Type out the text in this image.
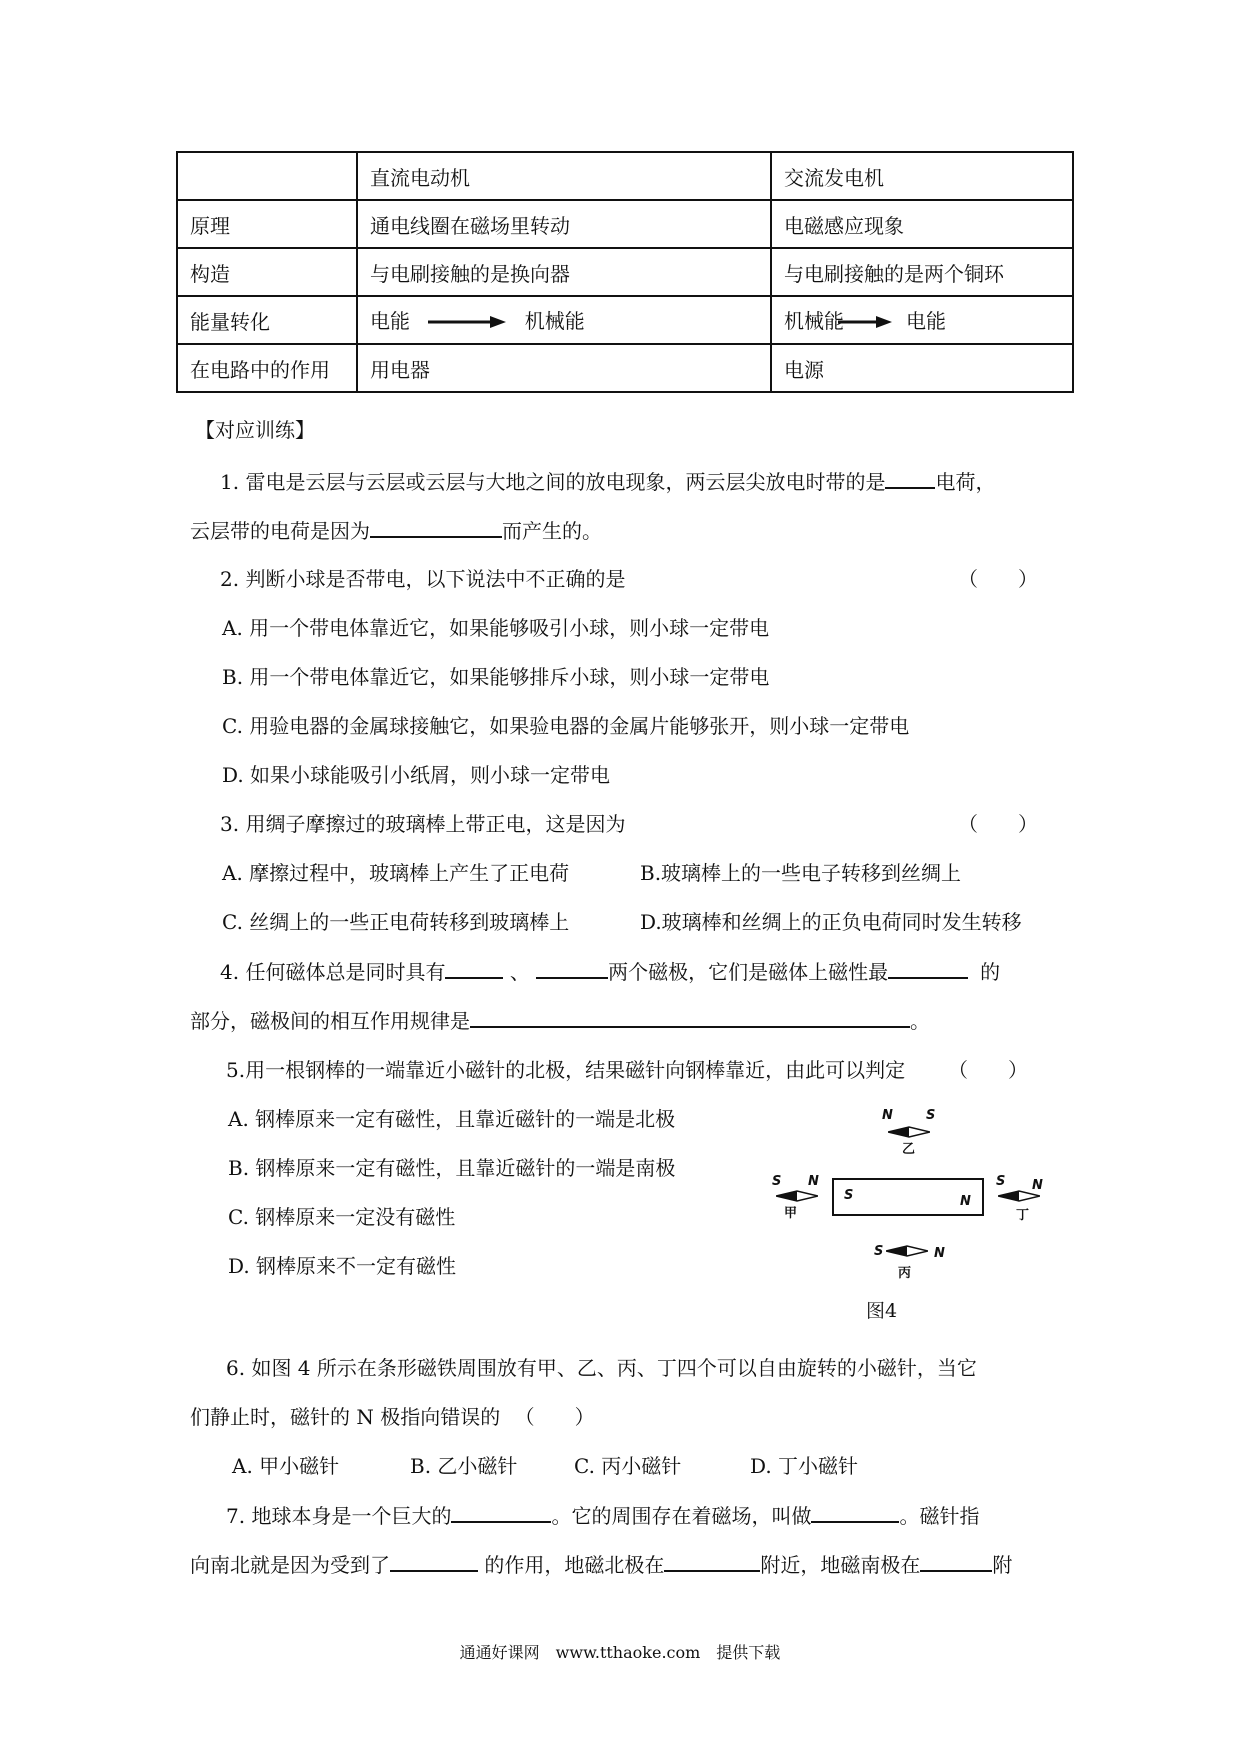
	直流电动机	交流发电机
原理	通电线圈在磁场里转动	电磁感应现象
构造	与电刷接触的是换向器	与电刷接触的是两个铜环
能量转化	电能 机械能	机械能 电能
在电路中的作用	用电器	电源
【对应训练】
1. 雷电是云层与云层或云层与大地之间的放电现象，两云层尖放电时带的是	电荷，
云层带的电荷是因为	而产生的。
2. 判断小球是否带电，以下说法中不正确的是	（　　）
A. 用一个带电体靠近它，如果能够吸引小球，则小球一定带电
B. 用一个带电体靠近它，如果能够排斥小球，则小球一定带电
C. 用验电器的金属球接触它，如果验电器的金属片能够张开，则小球一定带电
D. 如果小球能吸引小纸屑，则小球一定带电
3. 用绸子摩擦过的玻璃棒上带正电，这是因为	（　　）
A. 摩擦过程中，玻璃棒上产生了正电荷	B.玻璃棒上的一些电子转移到丝绸上
C. 丝绸上的一些正电荷转移到玻璃棒上	D.玻璃棒和丝绸上的正负电荷同时发生转移
4. 任何磁体总是同时具有	、	两个磁极，它们是磁体上磁性最	的
部分，磁极间的相互作用规律是	。
5.用一根钢棒的一端靠近小磁针的北极，结果磁针向钢棒靠近，由此可以判定 （　　）
A. 钢棒原来一定有磁性，且靠近磁针的一端是北极
B. 钢棒原来一定有磁性，且靠近磁针的一端是南极
C. 钢棒原来一定没有磁性
D. 钢棒原来不一定有磁性
N	S
乙
S N
甲
S	N
S N
丁
S	N
丙
图4
6. 如图 4 所示在条形磁铁周围放有甲、乙、丙、丁四个可以自由旋转的小磁针，当它
们静止时，磁针的 N 极指向错误的 （　　）
A. 甲小磁针	B. 乙小磁针	C. 丙小磁针	D. 丁小磁针
7. 地球本身是一个巨大的	。它的周围存在着磁场，叫做	。磁针指
向南北就是因为受到了	的作用，地磁北极在	附近，地磁南极在	附
通通好课网　www.tthaoke.com　提供下载
